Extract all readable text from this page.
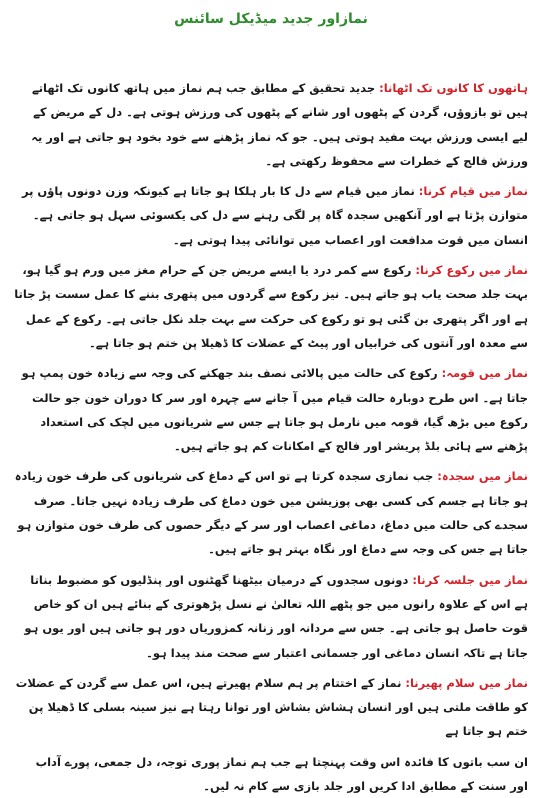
نمازاور جدید میڈیکل سائنس

ہاتھوں کا کانوں تک اٹھانا: جدید تحقیق کے مطابق جب ہم نماز میں ہاتھ کانوں تک اٹھاتے ہیں تو بازوؤں، گردن کے پٹھوں اور شانے کے پٹھوں کی ورزش ہوتی ہے۔ دل کے مریض کے لیے ایسی ورزش بہت مفید ہوتی ہیں۔ جو کہ نماز پڑھنے سے خود بخود ہو جاتی ہے اور یہ ورزش فالج کے خطرات سے محفوظ رکھتی ہے۔

نماز میں قیام کرنا: نماز میں قیام سے دل کا بار ہلکا ہو جاتا ہے کیونکہ وزن دونوں پاؤں پر متوازن پڑتا ہے اور آنکھیں سجدہ گاہ پر لگی رہنے سے دل کی یکسوئی سہل ہو جاتی ہے۔ انسان میں قوت مدافعت اور اعصاب میں توانائی پیدا ہوتی ہے۔

نماز میں رکوع کرنا: رکوع سے کمر درد یا ایسے مریض جن کے حرام مغز میں ورم ہو گیا ہو، بہت جلد صحت یاب ہو جاتے ہیں۔ نیز رکوع سے گردوں میں پتھری بننے کا عمل سست پڑ جاتا ہے اور اگر پتھری بن گئی ہو تو رکوع کی حرکت سے بہت جلد نکل جاتی ہے۔ رکوع کے عمل سے معدہ اور آنتوں کی خرابیاں اور پیٹ کے عضلات کا ڈھیلا پن ختم ہو جاتا ہے۔

نماز میں قومہ: رکوع کی حالت میں پالائی نصف بند جھکنے کی وجہ سے زیادہ خون پمپ ہو جاتا ہے۔ اس طرح دوبارہ حالت قیام میں آ جانے سے چہرہ اور سر کا دوران خون جو حالت رکوع میں بڑھ گیا، قومہ میں نارمل ہو جاتا ہے جس سے شریانوں میں لچک کی استعداد پڑھنے سے ہائی بلڈ پریشر اور فالج کے امکانات کم ہو جاتے ہیں۔

نماز میں سجدہ: جب نمازی سجدہ کرتا ہے تو اس کے دماغ کی شریانوں کی طرف خون زیادہ ہو جاتا ہے جسم کی کسی بھی پوزیشن میں خون دماغ کی طرف زیادہ نہیں جاتا۔ صرف سجدے کی حالت میں دماغ، دماغی اعصاب اور سر کے دیگر حصوں کی طرف خون متوازن ہو جاتا ہے جس کی وجہ سے دماغ اور نگاہ بہتر ہو جاتے ہیں۔

نماز میں جلسہ کرنا: دونوں سجدوں کے درمیان بیٹھنا گھٹنوں اور پنڈلیوں کو مضبوط بناتا ہے اس کے علاوہ رانوں میں جو پٹھے اللہ تعالیٰ نے نسل پڑھوتری کے بنائے ہیں ان کو خاص قوت حاصل ہو جاتی ہے۔ جس سے مردانہ اور زنانہ کمزوریاں دور ہو جاتی ہیں اور یوں ہو جاتا ہے تاکہ انسان دماغی اور جسمانی اعتبار سے صحت مند پیدا ہو۔

نماز میں سلام پھیرنا: نماز کے اختتام پر ہم سلام پھیرتے ہیں، اس عمل سے گردن کے عضلات کو طاقت ملتی ہیں اور انسان ہشاش بشاش اور توانا رہتا ہے نیز سینہ بسلی کا ڈھیلا پن ختم ہو جاتا ہے

ان سب باتوں کا فائدہ اس وقت پہنچتا ہے جب ہم نماز پوری توجہ، دل جمعی، پورے آداب اور سنت کے مطابق ادا کریں اور جلد بازی سے کام نہ لیں۔
